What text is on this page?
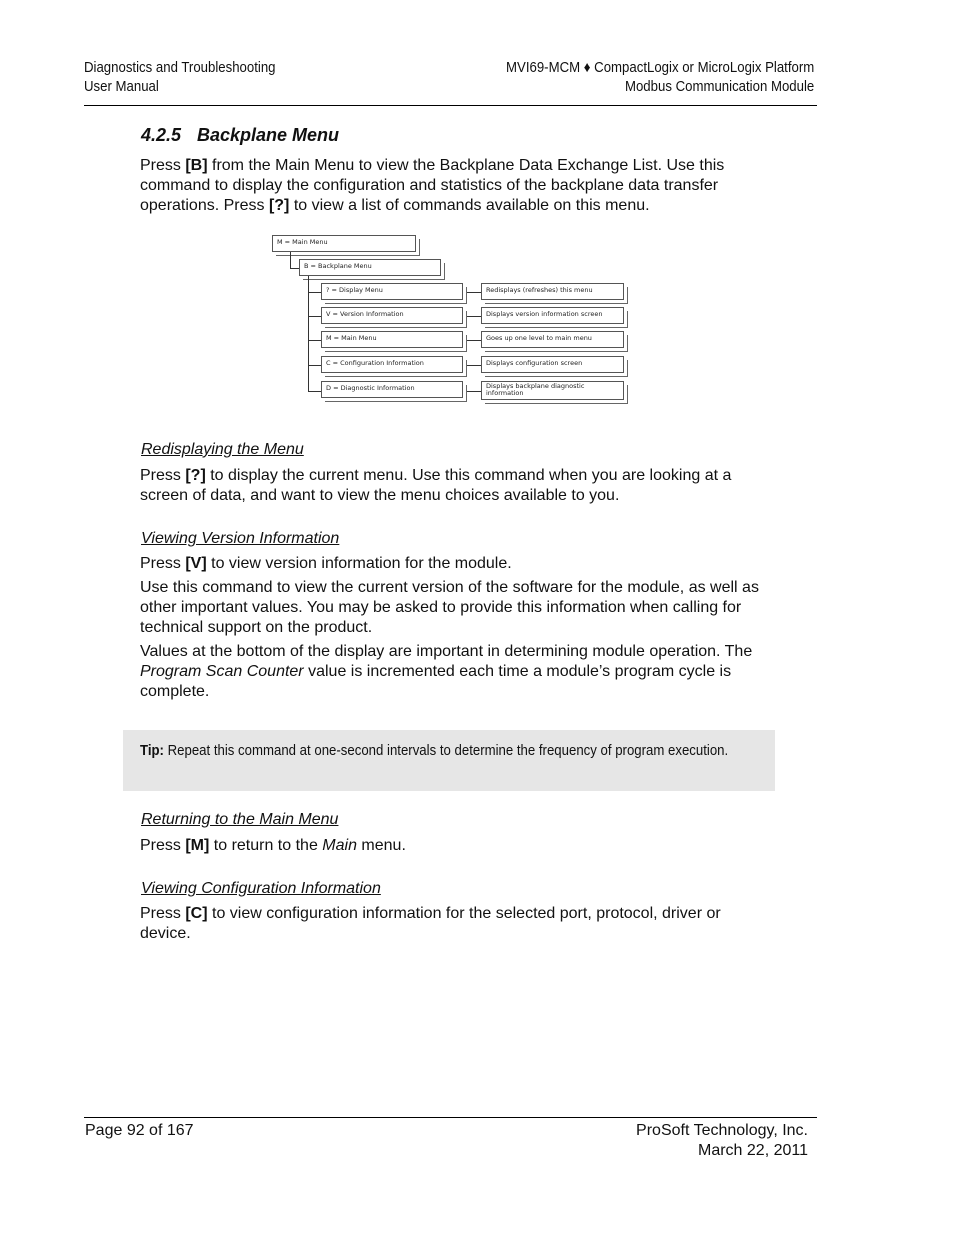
Diagnostics and Troubleshooting
User Manual
MVI69-MCM ♦ CompactLogix or MicroLogix Platform
Modbus Communication Module
4.2.5 Backplane Menu
Press [B] from the Main Menu to view the Backplane Data Exchange List. Use this command to display the configuration and statistics of the backplane data transfer operations. Press [?] to view a list of commands available on this menu.
M = Main Menu
B = Backplane Menu
? = Display Menu
V = Version Information
M = Main Menu
C = Configuration Information
D = Diagnostic Information
Redisplays (refreshes) this menu
Displays version information screen
Goes up one level to main menu
Displays configuration screen
Displays backplane diagnostic information
Redisplaying the Menu
Press [?] to display the current menu. Use this command when you are looking at a screen of data, and want to view the menu choices available to you.
Viewing Version Information
Press [V] to view version information for the module.
Use this command to view the current version of the software for the module, as well as other important values. You may be asked to provide this information when calling for technical support on the product.
Values at the bottom of the display are important in determining module operation. The Program Scan Counter value is incremented each time a module’s program cycle is complete.
Tip: Repeat this command at one-second intervals to determine the frequency of program execution.
Returning to the Main Menu
Press [M] to return to the Main menu.
Viewing Configuration Information
Press [C] to view configuration information for the selected port, protocol, driver or device.
Page 92 of 167	ProSoft Technology, Inc.
March 22, 2011
